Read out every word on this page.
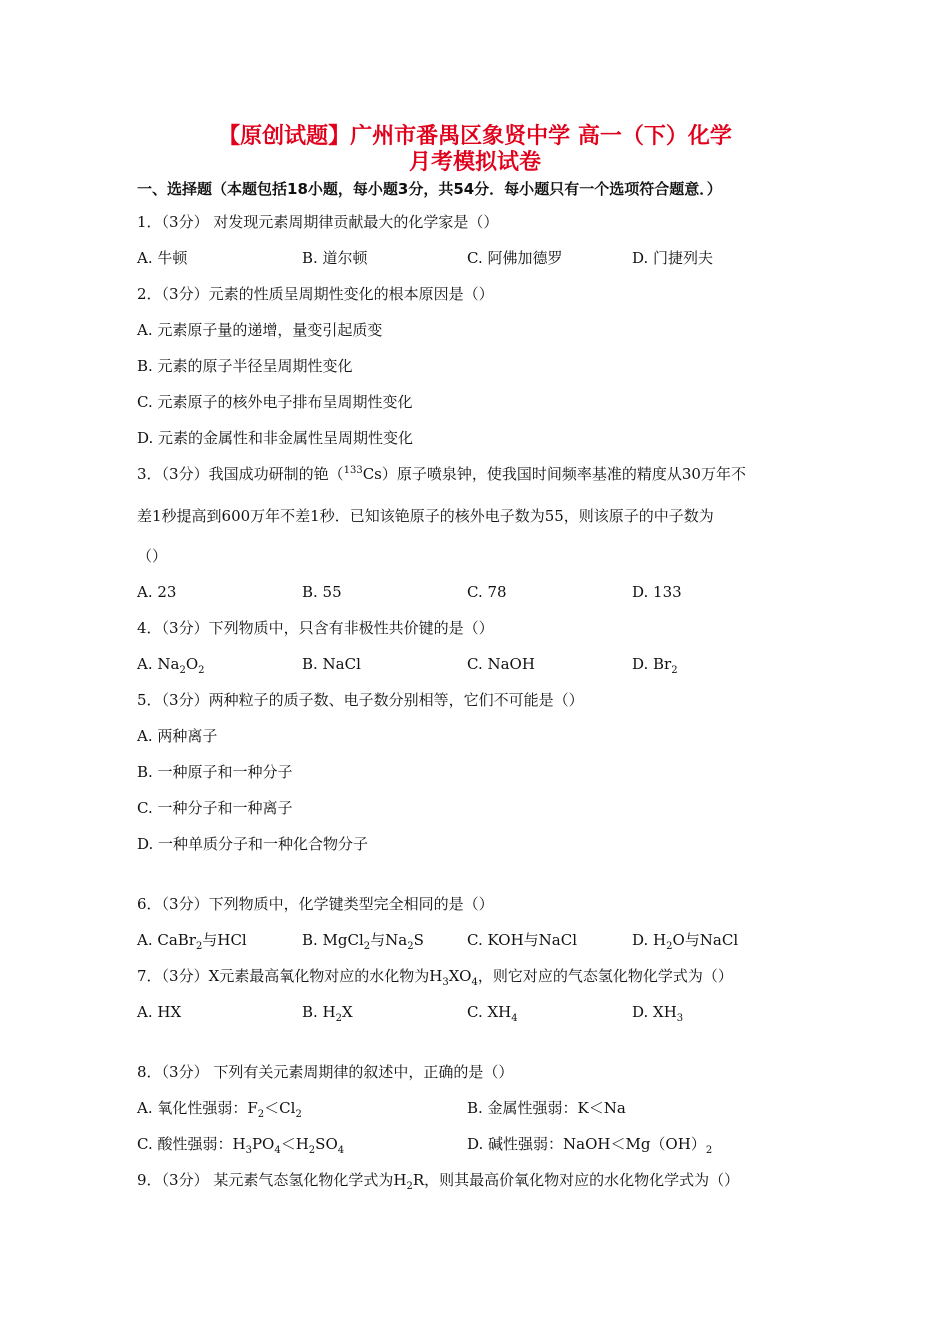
【原创试题】广州市番禺区象贤中学 高一（下）化学
月考模拟试卷
一、选择题（本题包括18小题，每小题3分，共54分．每小题只有一个选项符合题意．）
1．（3分） 对发现元素周期律贡献最大的化学家是（）
A. 牛顿	B. 道尔顿	C. 阿佛加德罗	D. 门捷列夫
2．（3分）元素的性质呈周期性变化的根本原因是（）
A. 元素原子量的递增，量变引起质变
B. 元素的原子半径呈周期性变化
C. 元素原子的核外电子排布呈周期性变化
D. 元素的金属性和非金属性呈周期性变化
3．（3分）我国成功研制的铯（$^{133}$Cs）原子喷泉钟，使我国时间频率基准的精度从30万年不
差1秒提高到600万年不差1秒．已知该铯原子的核外电子数为55，则该原子的中子数为
（）
A. 23	B. 55	C. 78	D. 133
4．（3分）下列物质中，只含有非极性共价键的是（）
A. $Na_2O_2$	B. NaCl	C. NaOH	D. $Br_2$
5．（3分）两种粒子的质子数、电子数分别相等，它们不可能是（）
A. 两种离子
B. 一种原子和一种分子
C. 一种分子和一种离子
D. 一种单质分子和一种化合物分子
6．（3分）下列物质中，化学键类型完全相同的是（）
A. CaBr$_2$与HCl	B. MgCl$_2$与$Na_2S$	C. KOH与NaCl	D. $H_2O$与NaCl
7．（3分）X元素最高氧化物对应的水化物为$H_3XO_4$，则它对应的气态氢化物化学式为（）
A. HX	B. $H_2X$	C. $XH_4$	D. $XH_3$
8．（3分） 下列有关元素周期律的叙述中，正确的是（）
A. 氧化性强弱：$F_2<Cl_2$	B. 金属性强弱：K＜Na
C. 酸性强弱：$H_3PO_4<H_2SO_4$	D. 碱性强弱：$NaOH<Mg(OH)_2$
9．（3分） 某元素气态氢化物化学式为$H_2R$，则其最高价氧化物对应的水化物化学式为（）
